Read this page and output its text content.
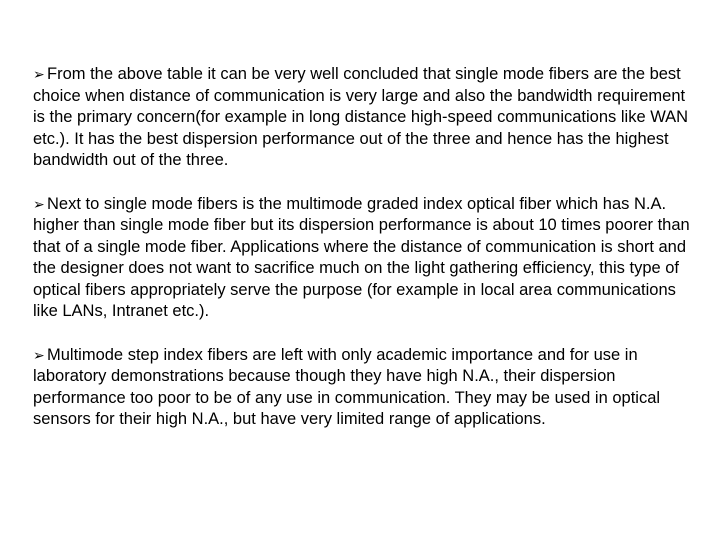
➢ From the above table it can be very well concluded that single mode fibers are the best choice when distance of communication is very large and also the bandwidth requirement is the primary concern(for example in long distance high-speed communications like WAN etc.). It has the best dispersion performance out of the three and hence has the highest bandwidth out of the three.
➢ Next to single mode fibers is the multimode graded index optical fiber which has N.A. higher than single mode fiber but its dispersion performance is about 10 times poorer than that of a single mode fiber. Applications where the distance of communication is short and the designer does not want to sacrifice much on the light gathering efficiency, this type of optical fibers appropriately serve the purpose (for example in local area communications like LANs, Intranet etc.).
➢ Multimode step index fibers are left with only academic importance and for use in laboratory demonstrations because though they have high N.A., their dispersion performance too poor to be of any use in communication. They may be used in optical sensors for their high N.A., but have very limited range of applications.
